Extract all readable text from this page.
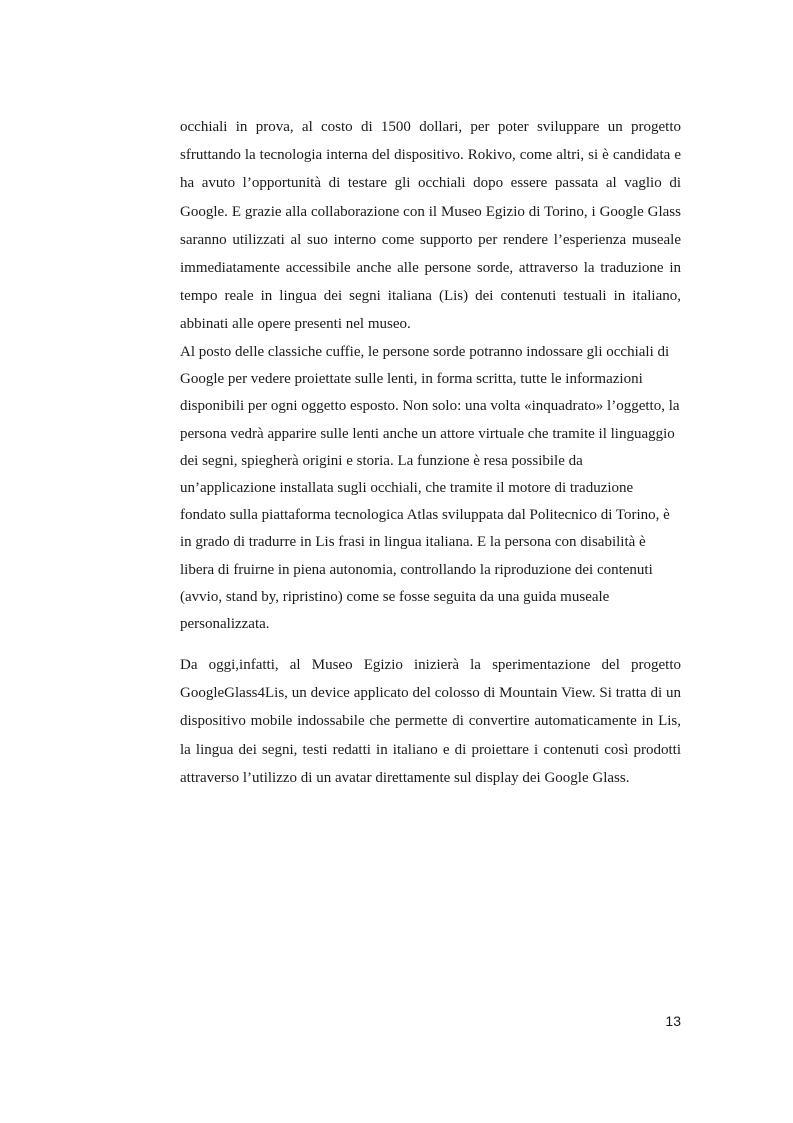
occhiali in prova, al costo di 1500 dollari, per poter sviluppare un progetto sfruttando la tecnologia interna del dispositivo. Rokivo, come altri, si è candidata e ha avuto l’opportunità di testare gli occhiali dopo essere passata al vaglio di Google. E grazie alla collaborazione con il Museo Egizio di Torino, i Google Glass saranno utilizzati al suo interno come supporto per rendere l’esperienza museale immediatamente accessibile anche alle persone sorde, attraverso la traduzione in tempo reale in lingua dei segni italiana (Lis) dei contenuti testuali in italiano, abbinati alle opere presenti nel museo.

Al posto delle classiche cuffie, le persone sorde potranno indossare gli occhiali di Google per vedere proiettate sulle lenti, in forma scritta, tutte le informazioni disponibili per ogni oggetto esposto. Non solo: una volta «inquadrato» l’oggetto, la persona vedrà apparire sulle lenti anche un attore virtuale che tramite il linguaggio dei segni, spiegherà origini e storia. La funzione è resa possibile da un’applicazione installata sugli occhiali, che tramite il motore di traduzione fondato sulla piattaforma tecnologica Atlas sviluppata dal Politecnico di Torino, è in grado di tradurre in Lis frasi in lingua italiana. E la persona con disabilità è libera di fruirne in piena autonomia, controllando la riproduzione dei contenuti (avvio, stand by, ripristino) come se fosse seguita da una guida museale personalizzata.

Da oggi,infatti, al Museo Egizio inizierà la sperimentazione del progetto GoogleGlass4Lis, un device applicato del colosso di Mountain View. Si tratta di un dispositivo mobile indossabile che permette di convertire automaticamente in Lis, la lingua dei segni, testi redatti in italiano e di proiettare i contenuti così prodotti attraverso l’utilizzo di un avatar direttamente sul display dei Google Glass.

13
